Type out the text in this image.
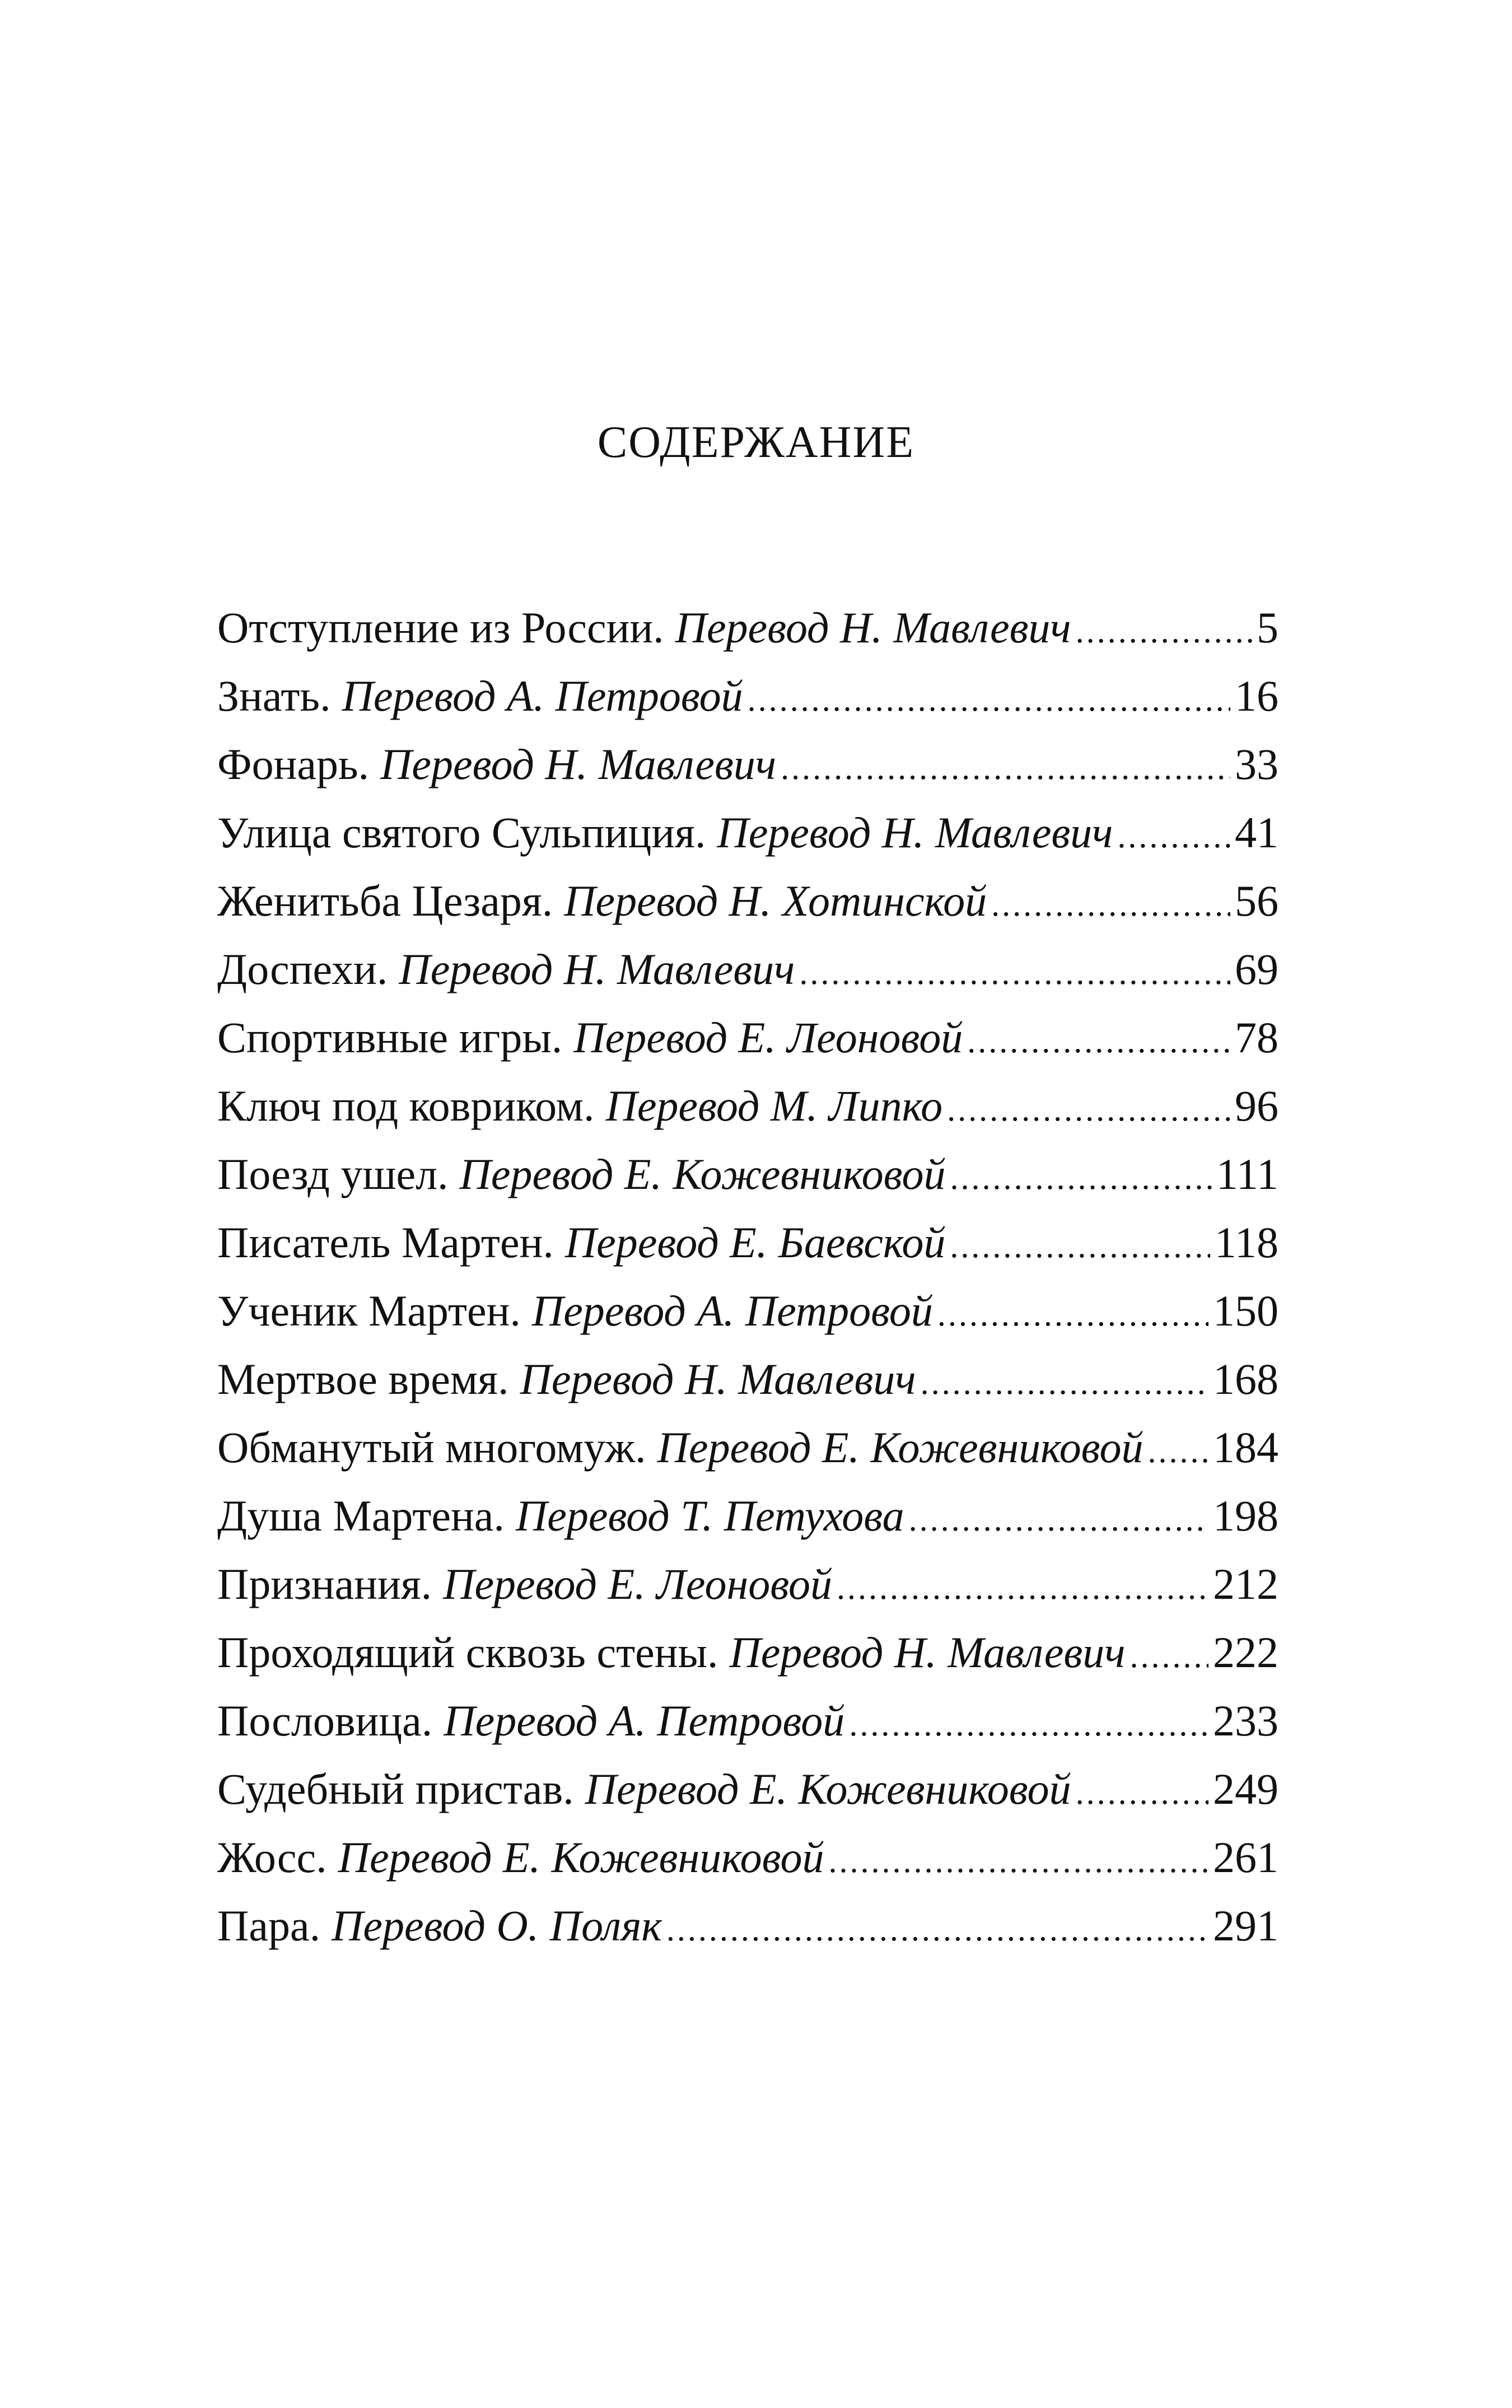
СОДЕРЖАНИЕ
Отступление из России. Перевод Н. Мавлевич .....	5
Знать. Перевод А. Петровой .....	16
Фонарь. Перевод Н. Мавлевич .....	33
Улица святого Сульпиция. Перевод Н. Мавлевич .....	41
Женитьба Цезаря. Перевод Н. Хотинской .....	56
Доспехи. Перевод Н. Мавлевич .....	69
Спортивные игры. Перевод Е. Леоновой .....	78
Ключ под ковриком. Перевод М. Липко .....	96
Поезд ушел. Перевод Е. Кожевниковой .....	111
Писатель Мартен. Перевод Е. Баевской .....	118
Ученик Мартен. Перевод А. Петровой .....	150
Мертвое время. Перевод Н. Мавлевич .....	168
Обманутый многомуж. Перевод Е. Кожевниковой ..... 184
Душа Мартена. Перевод Т. Петухова .....	198
Признания. Перевод Е. Леоновой .....	212
Проходящий сквозь стены. Перевод Н. Мавлевич ..... 222
Пословица. Перевод А. Петровой .....	233
Судебный пристав. Перевод Е. Кожевниковой .....	249
Жосс. Перевод Е. Кожевниковой .....	261
Пара. Перевод О. Поляк .....	291
